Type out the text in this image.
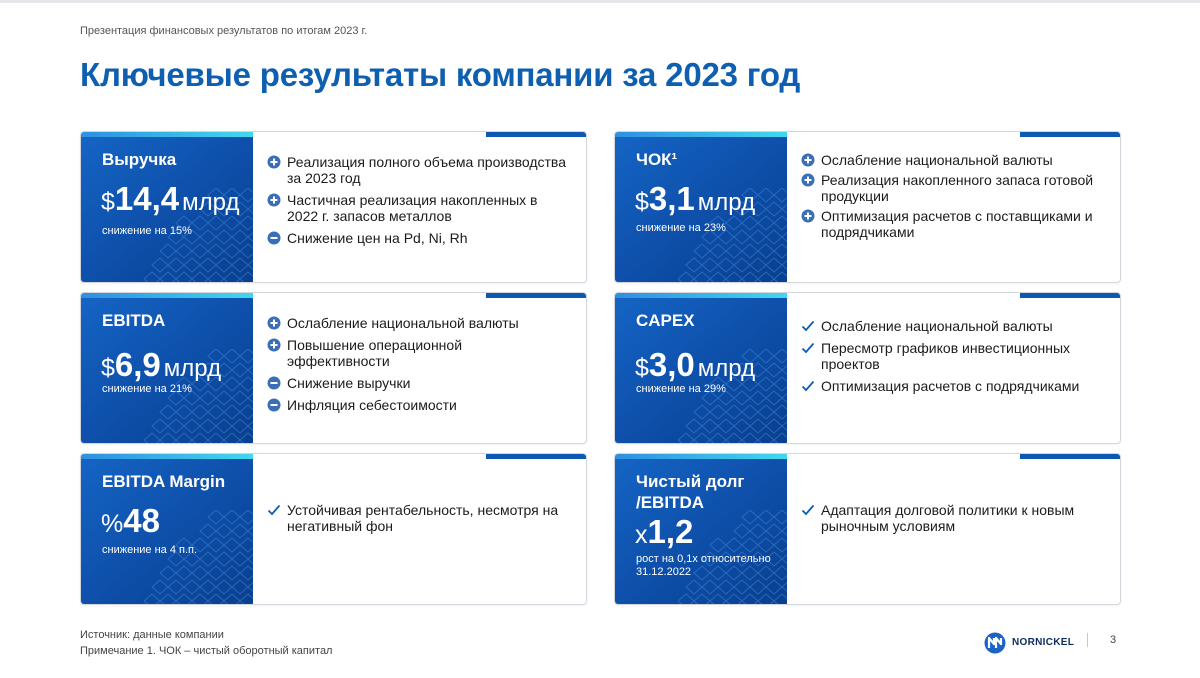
Презентация финансовых результатов по итогам 2023 г.
Ключевые результаты компании за 2023 год
Выручка
$14,4 млрд
снижение на 15%
Реализация полного объема производства за 2023 год
Частичная реализация накопленных в 2022 г. запасов металлов
Снижение цен на Pd, Ni, Rh
ЧОК¹
$3,1 млрд
снижение на 23%
Ослабление национальной валюты
Реализация накопленного запаса готовой продукции
Оптимизация расчетов с поставщиками и подрядчиками
EBITDA
$6,9 млрд
снижение на 21%
Ослабление национальной валюты
Повышение операционной эффективности
Снижение выручки
Инфляция себестоимости
CAPEX
$3,0 млрд
снижение на 29%
Ослабление национальной валюты
Пересмотр графиков инвестиционных проектов
Оптимизация расчетов с подрядчиками
EBITDA Margin
%48
снижение на 4 п.п.
Устойчивая рентабельность, несмотря на негативный фон
Чистый долг /EBITDA
x1,2
рост на 0,1x относительно 31.12.2022
Адаптация долговой политики к новым рыночным условиям
Источник: данные компании
Примечание 1. ЧОК – чистый оборотный капитал
NORNICKEL	3
